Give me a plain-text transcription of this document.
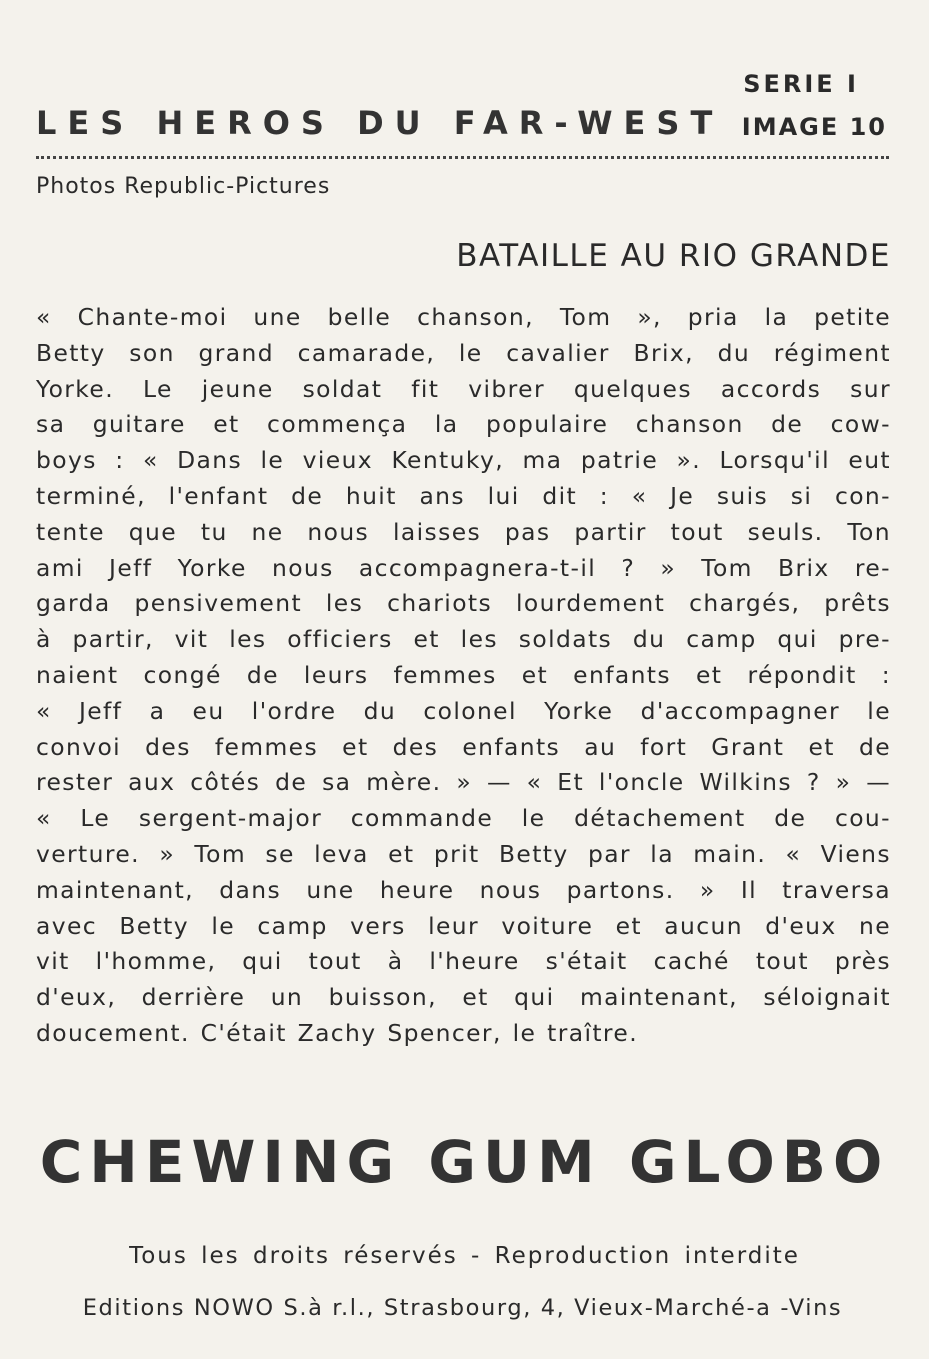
SERIE I
LES HEROS DU FAR-WEST IMAGE 10
Photos Republic-Pictures
BATAILLE AU RIO GRANDE
« Chante-moi une belle chanson, Tom », pria la petite
Betty son grand camarade, le cavalier Brix, du régiment
Yorke. Le jeune soldat fit vibrer quelques accords sur
sa guitare et commença la populaire chanson de cow-
boys : « Dans le vieux Kentuky, ma patrie ». Lorsqu'il eut
terminé, l'enfant de huit ans lui dit : « Je suis si con-
tente que tu ne nous laisses pas partir tout seuls. Ton
ami Jeff Yorke nous accompagnera-t-il ? » Tom Brix re-
garda pensivement les chariots lourdement chargés, prêts
à partir, vit les officiers et les soldats du camp qui pre-
naient congé de leurs femmes et enfants et répondit :
« Jeff a eu l'ordre du colonel Yorke d'accompagner le
convoi des femmes et des enfants au fort Grant et de
rester aux côtés de sa mère. » — « Et l'oncle Wilkins ? » —
« Le sergent-major commande le détachement de cou-
verture. » Tom se leva et prit Betty par la main. « Viens
maintenant, dans une heure nous partons. » Il traversa
avec Betty le camp vers leur voiture et aucun d'eux ne
vit l'homme, qui tout à l'heure s'était caché tout près
d'eux, derrière un buisson, et qui maintenant, séloignait
doucement. C'était Zachy Spencer, le traître.
CHEWING GUM GLOBO
Tous les droits réservés - Reproduction interdite
Editions NOWO S.à r.l., Strasbourg, 4, Vieux-Marché-a -Vins
